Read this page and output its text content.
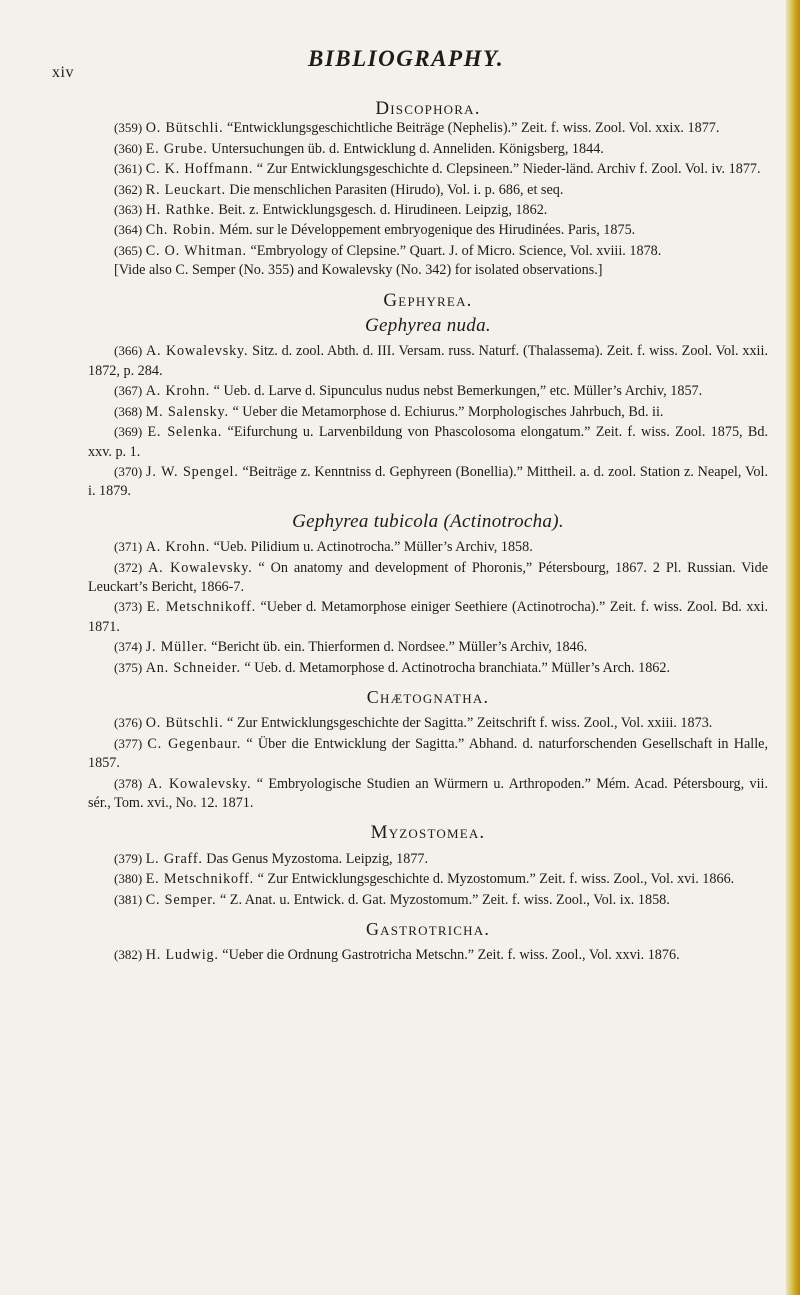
xiv
BIBLIOGRAPHY.

Discophora.

(359) O. Bütschli. “Entwicklungsgeschichtliche Beiträge (Nephelis).” Zeit. f. wiss. Zool. Vol. xxix. 1877.

(360) E. Grube. Untersuchungen üb. d. Entwicklung d. Anneliden. Königsberg, 1844.

(361) C. K. Hoffmann. “ Zur Entwicklungsgeschichte d. Clepsineen.” Nieder-länd. Archiv f. Zool. Vol. iv. 1877.

(362) R. Leuckart. Die menschlichen Parasiten (Hirudo), Vol. i. p. 686, et seq.

(363) H. Rathke. Beit. z. Entwicklungsgesch. d. Hirudineen. Leipzig, 1862.

(364) Ch. Robin. Mém. sur le Développement embryogenique des Hirudinées. Paris, 1875.

(365) C. O. Whitman. “Embryology of Clepsine.” Quart. J. of Micro. Science, Vol. xviii. 1878.

[Vide also C. Semper (No. 355) and Kowalevsky (No. 342) for isolated observations.]

Gephyrea.

Gephyrea nuda.

(366) A. Kowalevsky. Sitz. d. zool. Abth. d. III. Versam. russ. Naturf. (Thalassema). Zeit. f. wiss. Zool. Vol. xxii. 1872, p. 284.

(367) A. Krohn. “ Ueb. d. Larve d. Sipunculus nudus nebst Bemerkungen,” etc. Müller’s Archiv, 1857.

(368) M. Salensky. “ Ueber die Metamorphose d. Echiurus.” Morphologisches Jahrbuch, Bd. ii.

(369) E. Selenka. “Eifurchung u. Larvenbildung von Phascolosoma elongatum.” Zeit. f. wiss. Zool. 1875, Bd. xxv. p. 1.

(370) J. W. Spengel. “Beiträge z. Kenntniss d. Gephyreen (Bonellia).” Mittheil. a. d. zool. Station z. Neapel, Vol. i. 1879.

Gephyrea tubicola (Actinotrocha).

(371) A. Krohn. “Ueb. Pilidium u. Actinotrocha.” Müller’s Archiv, 1858.

(372) A. Kowalevsky. “ On anatomy and development of Phoronis,” Pétersbourg, 1867. 2 Pl. Russian. Vide Leuckart’s Bericht, 1866-7.

(373) E. Metschnikoff. “Ueber d. Metamorphose einiger Seethiere (Actinotrocha).” Zeit. f. wiss. Zool. Bd. xxi. 1871.

(374) J. Müller. “Bericht üb. ein. Thierformen d. Nordsee.” Müller’s Archiv, 1846.

(375) An. Schneider. “ Ueb. d. Metamorphose d. Actinotrocha branchiata.” Müller’s Arch. 1862.

Chætognatha.

(376) O. Bütschli. “ Zur Entwicklungsgeschichte der Sagitta.” Zeitschrift f. wiss. Zool., Vol. xxiii. 1873.

(377) C. Gegenbaur. “ Über die Entwicklung der Sagitta.” Abhand. d. naturforschenden Gesellschaft in Halle, 1857.

(378) A. Kowalevsky. “ Embryologische Studien an Würmern u. Arthropoden.” Mém. Acad. Pétersbourg, vii. sér., Tom. xvi., No. 12. 1871.

Myzostomea.

(379) L. Graff. Das Genus Myzostoma. Leipzig, 1877.

(380) E. Metschnikoff. “ Zur Entwicklungsgeschichte d. Myzostomum.” Zeit. f. wiss. Zool., Vol. xvi. 1866.

(381) C. Semper. “ Z. Anat. u. Entwick. d. Gat. Myzostomum.” Zeit. f. wiss. Zool., Vol. ix. 1858.

Gastrotricha.

(382) H. Ludwig. “Ueber die Ordnung Gastrotricha Metschn.” Zeit. f. wiss. Zool., Vol. xxvi. 1876.
